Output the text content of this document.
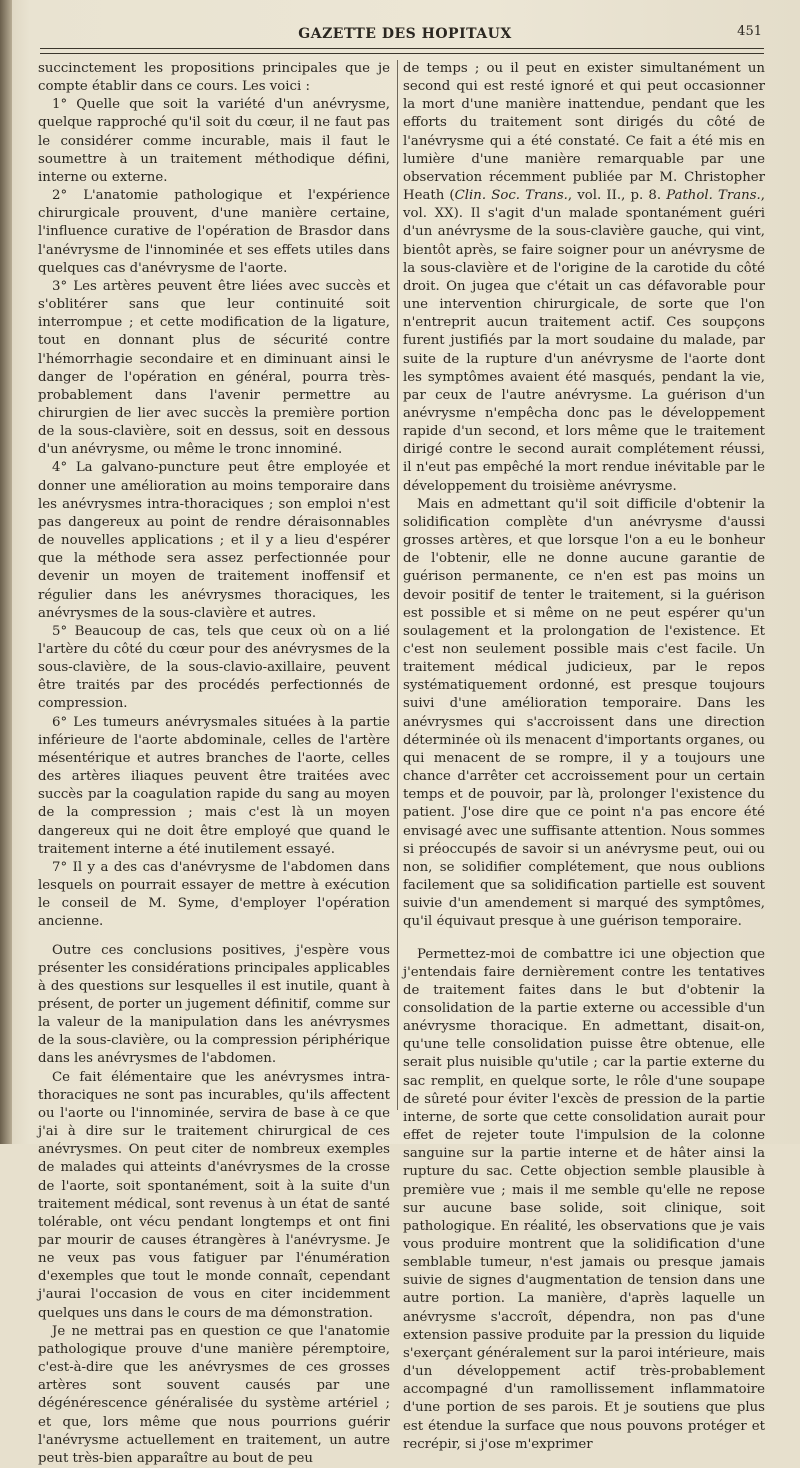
GAZETTE DES HOPITAUX	451

succinctement les propositions principales que je compte établir dans ce cours. Les voici :

1° Quelle que soit la variété d'un anévrysme, quelque rapproché qu'il soit du cœur, il ne faut pas le considérer comme incurable, mais il faut le soumettre à un traitement méthodique défini, interne ou externe.

2° L'anatomie pathologique et l'expérience chirurgicale prouvent, d'une manière certaine, l'influence curative de l'opération de Brasdor dans l'anévrysme de l'innominée et ses effets utiles dans quelques cas d'anévrysme de l'aorte.

3° Les artères peuvent être liées avec succès et s'oblitérer sans que leur continuité soit interrompue ; et cette modification de la ligature, tout en donnant plus de sécurité contre l'hémorrhagie secondaire et en diminuant ainsi le danger de l'opération en général, pourra très-probablement dans l'avenir permettre au chirurgien de lier avec succès la première portion de la sous-clavière, soit en dessus, soit en dessous d'un anévrysme, ou même le tronc innominé.

4° La galvano-puncture peut être employée et donner une amélioration au moins temporaire dans les anévrysmes intra-thoraciques ; son emploi n'est pas dangereux au point de rendre déraisonnables de nouvelles applications ; et il y a lieu d'espérer que la méthode sera assez perfectionnée pour devenir un moyen de traitement inoffensif et régulier dans les anévrysmes thoraciques, les anévrysmes de la sous-clavière et autres.

5° Beaucoup de cas, tels que ceux où on a lié l'artère du côté du cœur pour des anévrysmes de la sous-clavière, de la sous-clavio-axillaire, peuvent être traités par des procédés perfectionnés de compression.

6° Les tumeurs anévrysmales situées à la partie inférieure de l'aorte abdominale, celles de l'artère mésentérique et autres branches de l'aorte, celles des artères iliaques peuvent être traitées avec succès par la coagulation rapide du sang au moyen de la compression ; mais c'est là un moyen dangereux qui ne doit être employé que quand le traitement interne a été inutilement essayé.

7° Il y a des cas d'anévrysme de l'abdomen dans lesquels on pourrait essayer de mettre à exécution le conseil de M. Syme, d'employer l'opération ancienne.

Outre ces conclusions positives, j'espère vous présenter les considérations principales applicables à des questions sur lesquelles il est inutile, quant à présent, de porter un jugement définitif, comme sur la valeur de la manipulation dans les anévrysmes de la sous-clavière, ou la compression périphérique dans les anévrysmes de l'abdomen.

Ce fait élémentaire que les anévrysmes intra-thoraciques ne sont pas incurables, qu'ils affectent ou l'aorte ou l'innominée, servira de base à ce que j'ai à dire sur le traitement chirurgical de ces anévrysmes. On peut citer de nombreux exemples de malades qui atteints d'anévrysmes de la crosse de l'aorte, soit spontanément, soit à la suite d'un traitement médical, sont revenus à un état de santé tolérable, ont vécu pendant longtemps et ont fini par mourir de causes étrangères à l'anévrysme. Je ne veux pas vous fatiguer par l'énumération d'exemples que tout le monde connaît, cependant j'aurai l'occasion de vous en citer incidemment quelques uns dans le cours de ma démonstration.

Je ne mettrai pas en question ce que l'anatomie pathologique prouve d'une manière péremptoire, c'est-à-dire que les anévrysmes de ces grosses artères sont souvent causés par une dégénérescence généralisée du système artériel ; et que, lors même que nous pourrions guérir l'anévrysme actuellement en traitement, un autre peut très-bien apparaître au bout de peu

de temps ; ou il peut en exister simultanément un second qui est resté ignoré et qui peut occasionner la mort d'une manière inattendue, pendant que les efforts du traitement sont dirigés du côté de l'anévrysme qui a été constaté. Ce fait a été mis en lumière d'une manière remarquable par une observation récemment publiée par M. Christopher Heath (Clin. Soc. Trans., vol. II., p. 8. Pathol. Trans., vol. XX). Il s'agit d'un malade spontanément guéri d'un anévrysme de la sous-clavière gauche, qui vint, bientôt après, se faire soigner pour un anévrysme de la sous-clavière et de l'origine de la carotide du côté droit. On jugea que c'était un cas défavorable pour une intervention chirurgicale, de sorte que l'on n'entreprit aucun traitement actif. Ces soupçons furent justifiés par la mort soudaine du malade, par suite de la rupture d'un anévrysme de l'aorte dont les symptômes avaient été masqués, pendant la vie, par ceux de l'autre anévrysme. La guérison d'un anévrysme n'empêcha donc pas le développement rapide d'un second, et lors même que le traitement dirigé contre le second aurait complétement réussi, il n'eut pas empêché la mort rendue inévitable par le développement du troisième anévrysme.

Mais en admettant qu'il soit difficile d'obtenir la solidification complète d'un anévrysme d'aussi grosses artères, et que lorsque l'on a eu le bonheur de l'obtenir, elle ne donne aucune garantie de guérison permanente, ce n'en est pas moins un devoir positif de tenter le traitement, si la guérison est possible et si même on ne peut espérer qu'un soulagement et la prolongation de l'existence. Et c'est non seulement possible mais c'est facile. Un traitement médical judicieux, par le repos systématiquement ordonné, est presque toujours suivi d'une amélioration temporaire. Dans les anévrysmes qui s'accroissent dans une direction déterminée où ils menacent d'importants organes, ou qui menacent de se rompre, il y a toujours une chance d'arrêter cet accroissement pour un certain temps et de pouvoir, par là, prolonger l'existence du patient. J'ose dire que ce point n'a pas encore été envisagé avec une suffisante attention. Nous sommes si préoccupés de savoir si un anévrysme peut, oui ou non, se solidifier complétement, que nous oublions facilement que sa solidification partielle est souvent suivie d'un amendement si marqué des symptômes, qu'il équivaut presque à une guérison temporaire.

Permettez-moi de combattre ici une objection que j'entendais faire dernièrement contre les tentatives de traitement faites dans le but d'obtenir la consolidation de la partie externe ou accessible d'un anévrysme thoracique. En admettant, disait-on, qu'une telle consolidation puisse être obtenue, elle serait plus nuisible qu'utile ; car la partie externe du sac remplit, en quelque sorte, le rôle d'une soupape de sûreté pour éviter l'excès de pression de la partie interne, de sorte que cette consolidation aurait pour effet de rejeter toute l'impulsion de la colonne sanguine sur la partie interne et de hâter ainsi la rupture du sac. Cette objection semble plausible à première vue ; mais il me semble qu'elle ne repose sur aucune base solide, soit clinique, soit pathologique. En réalité, les observations que je vais vous produire montrent que la solidification d'une semblable tumeur, n'est jamais ou presque jamais suivie de signes d'augmentation de tension dans une autre portion. La manière, d'après laquelle un anévrysme s'accroît, dépendra, non pas d'une extension passive produite par la pression du liquide s'exerçant généralement sur la paroi intérieure, mais d'un développement actif très-probablement accompagné d'un ramollissement inflammatoire d'une portion de ses parois. Et je soutiens que plus est étendue la surface que nous pouvons protéger et recrépir, si j'ose m'exprimer
